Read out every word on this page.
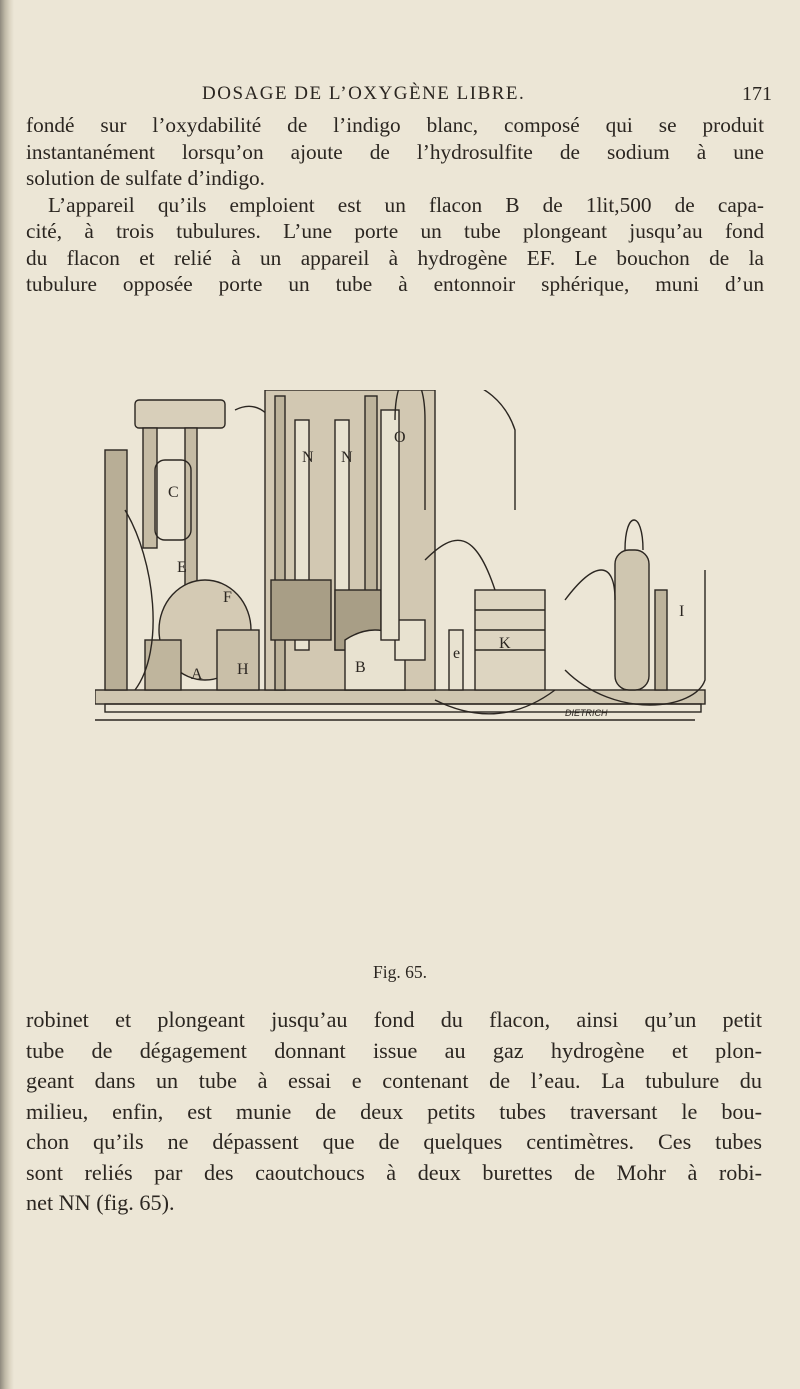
DOSAGE DE L’OXYGÈNE LIBRE.	171
fondé sur l’oxydabilité de l’indigo blanc, composé qui se produit
instantanément lorsqu’on ajoute de l’hydrosulfite de sodium à une
solution de sulfate d’indigo.
L’appareil qu’ils emploient est un flacon B de 1lit,500 de capa-
cité, à trois tubulures. L’une porte un tube plongeant jusqu’au fond
du flacon et relié à un appareil à hydrogène EF. Le bouchon de la
tubulure opposée porte un tube à entonnoir sphérique, muni d’un
E
C
F
A H
N N
O
B
e
K
I
DIETRICH
Fig. 65.
robinet et plongeant jusqu’au fond du flacon, ainsi qu’un petit
tube de dégagement donnant issue au gaz hydrogène et plon-
geant dans un tube à essai e contenant de l’eau. La tubulure du
milieu, enfin, est munie de deux petits tubes traversant le bou-
chon qu’ils ne dépassent que de quelques centimètres. Ces tubes
sont reliés par des caoutchoucs à deux burettes de Mohr à robi-
net NN (fig. 65).
